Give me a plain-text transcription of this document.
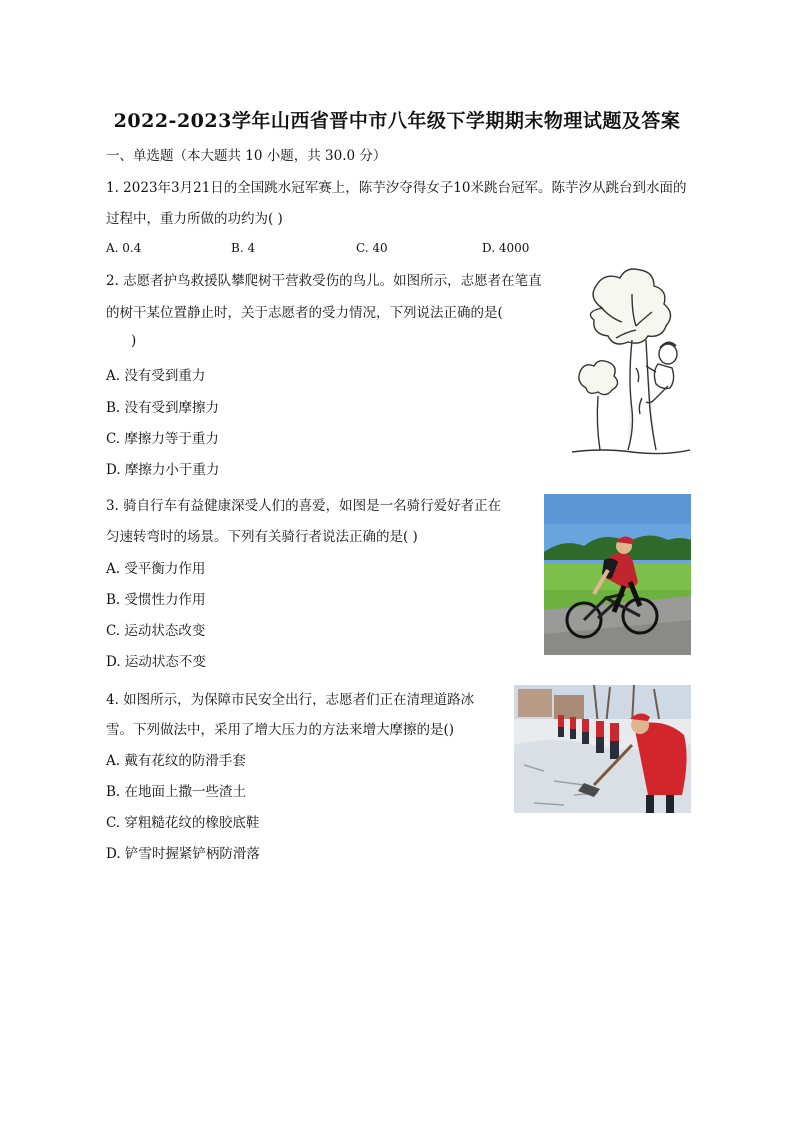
2022-2023学年山西省晋中市八年级下学期期末物理试题及答案
一、单选题（本大题共 10 小题，共 30.0 分）
1. 2023年3月21日的全国跳水冠军赛上，陈芋汐夺得女子10米跳台冠军。陈芋汐从跳台到水面的
过程中，重力所做的功约为( )
A. 0.4	B. 4	C. 40	D. 4000
2. 志愿者护鸟救援队攀爬树干营救受伤的鸟儿。如图所示，志愿者在笔直
的树干某位置静止时，关于志愿者的受力情况，下列说法正确的是(
)
A. 没有受到重力
B. 没有受到摩擦力
C. 摩擦力等于重力
D. 摩擦力小于重力
3. 骑自行车有益健康深受人们的喜爱，如图是一名骑行爱好者正在
匀速转弯时的场景。下列有关骑行者说法正确的是( )
A. 受平衡力作用
B. 受惯性力作用
C. 运动状态改变
D. 运动状态不变
4. 如图所示，为保障市民安全出行，志愿者们正在清理道路冰
雪。下列做法中，采用了增大压力的方法来增大摩擦的是()
A. 戴有花纹的防滑手套
B. 在地面上撒一些渣土
C. 穿粗糙花纹的橡胶底鞋
D. 铲雪时握紧铲柄防滑落
